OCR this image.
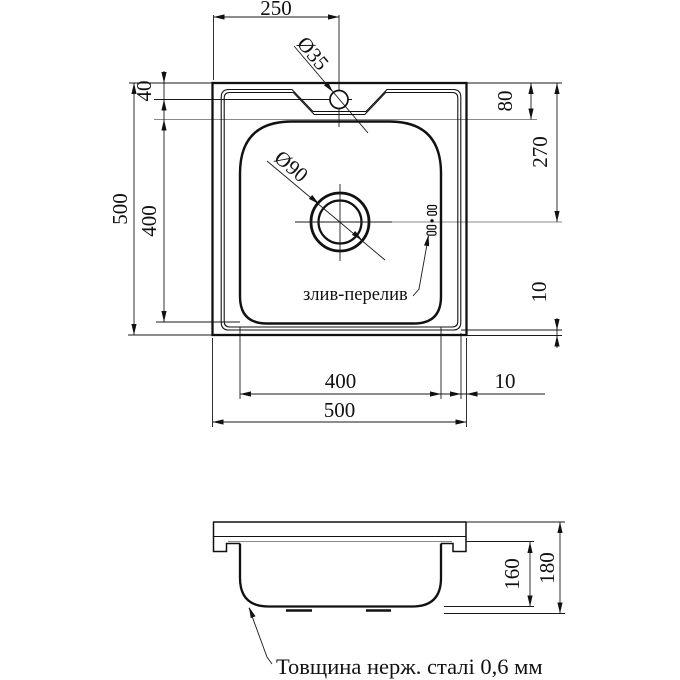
250
Ø35
40
500 400
80
270
10
Ø90
злив-перелив
400	10
500
160 180
Товщина нерж. сталі 0,6 мм
